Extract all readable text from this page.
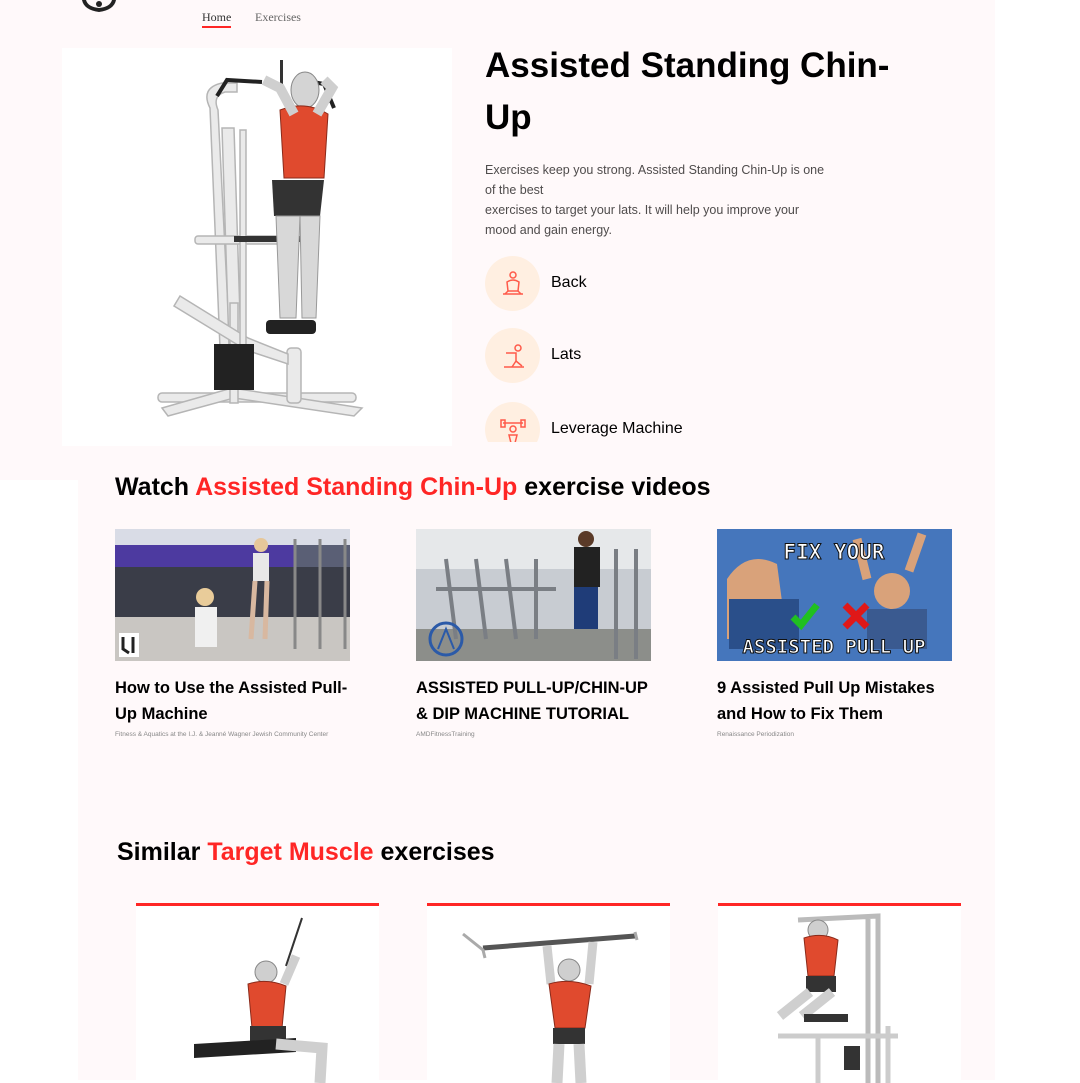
Home Exercises
Assisted Standing Chin-Up

Exercises keep you strong. Assisted Standing Chin-Up is one of the best

exercises to target your lats. It will help you improve your mood and gain energy.

Back
Lats
Leverage Machine
Watch Assisted Standing Chin-Up exercise videos
How to Use the Assisted Pull-Up Machine
Fitness & Aquatics at the I.J. & Jeanné Wagner Jewish Community Center
ASSISTED PULL-UP/CHIN-UP & DIP MACHINE TUTORIAL
AMDFitnessTraining
FIX YOUR
ASSISTED PULL UP
9 Assisted Pull Up Mistakes and How to Fix Them
Renaissance Periodization
Similar Target Muscle exercises
